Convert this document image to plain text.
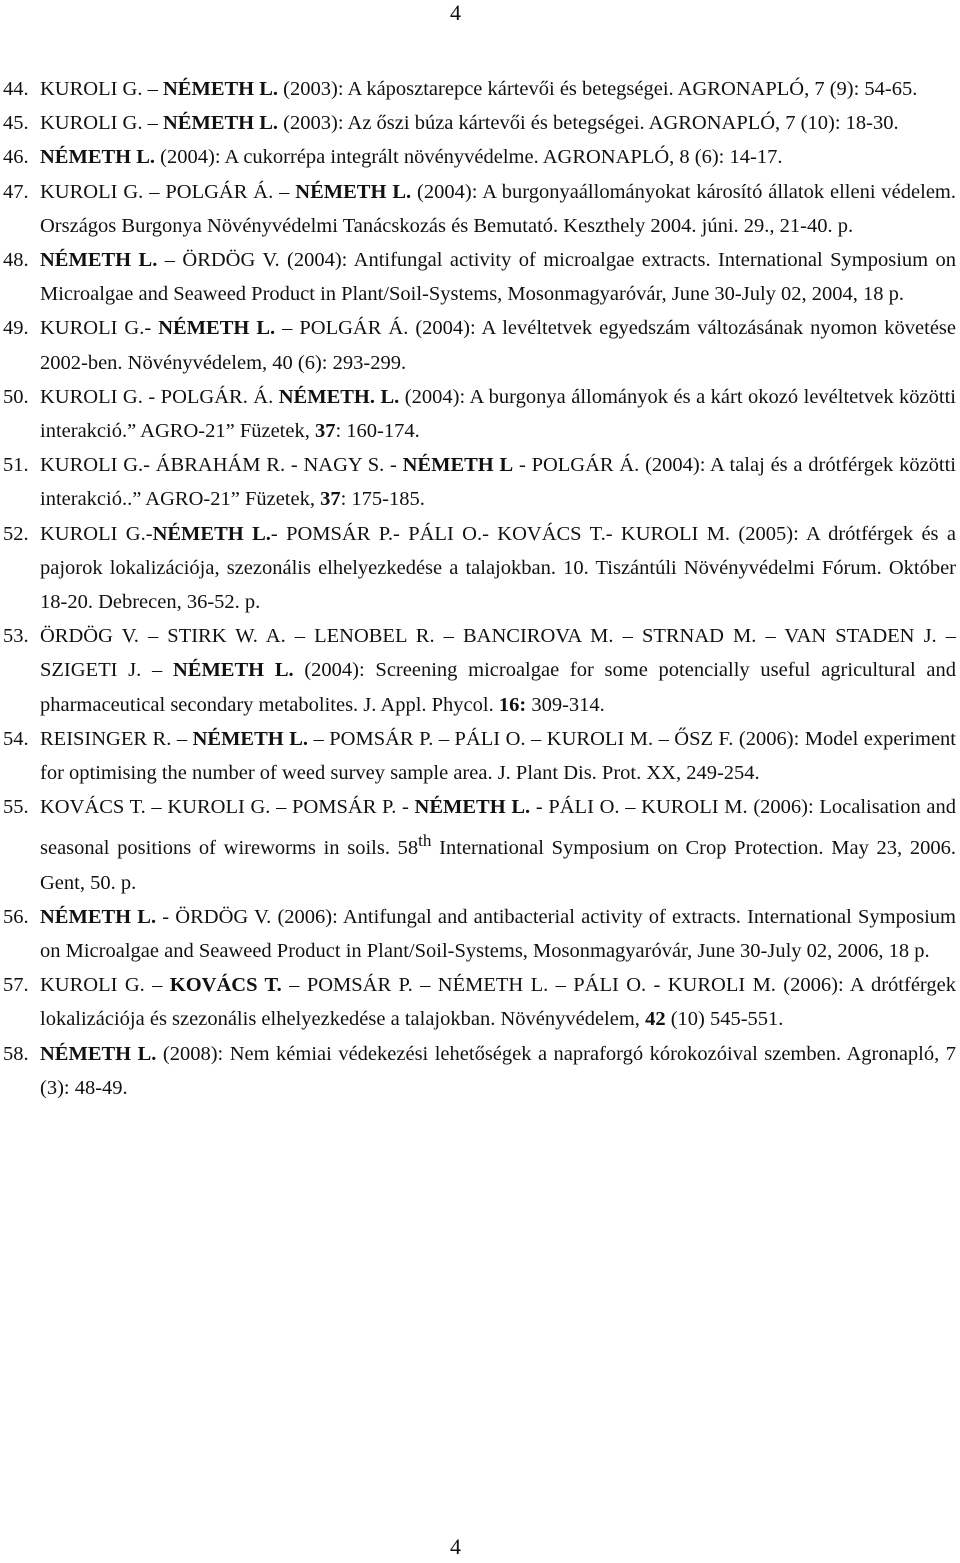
4

44. KUROLI G. – NÉMETH L. (2003): A káposztarepce kártevői és betegségei. AGRONAPLÓ, 7 (9): 54-65.

45. KUROLI G. – NÉMETH L. (2003): Az őszi búza kártevői és betegségei. AGRONAPLÓ, 7 (10): 18-30.

46. NÉMETH L. (2004): A cukorrépa integrált növényvédelme. AGRONAPLÓ, 8 (6): 14-17.

47. KUROLI G. – POLGÁR Á. – NÉMETH L. (2004): A burgonyaállományokat károsító állatok elleni védelem. Országos Burgonya Növényvédelmi Tanácskozás és Bemutató. Keszthely 2004. júni. 29., 21-40. p.

48. NÉMETH L. – ÖRDÖG V. (2004): Antifungal activity of microalgae extracts. International Symposium on Microalgae and Seaweed Product in Plant/Soil-Systems, Mosonmagyaróvár, June 30-July 02, 2004, 18 p.

49. KUROLI G.- NÉMETH L. – POLGÁR Á. (2004): A levéltetvek egyedszám változásának nyomon követése 2002-ben. Növényvédelem, 40 (6): 293-299.

50. KUROLI G. - POLGÁR. Á. NÉMETH. L. (2004): A burgonya állományok és a kárt okozó levéltetvek közötti interakció.” AGRO-21” Füzetek, 37: 160-174.

51. KUROLI G.- ÁBRAHÁM R. - NAGY S. - NÉMETH L - POLGÁR Á. (2004): A talaj és a drótférgek közötti interakció..” AGRO-21” Füzetek, 37: 175-185.

52. KUROLI G.-NÉMETH L.- POMSÁR P.- PÁLI O.- KOVÁCS T.- KUROLI M. (2005): A drótférgek és a pajorok lokalizációja, szezonális elhelyezkedése a talajokban. 10. Tiszántúli Növényvédelmi Fórum. Október 18-20. Debrecen, 36-52. p.

53. ÖRDÖG V. – STIRK W. A. – LENOBEL R. – BANCIROVA M. – STRNAD M. – VAN STADEN J. – SZIGETI J. – NÉMETH L. (2004): Screening microalgae for some potencially useful agricultural and pharmaceutical secondary metabolites. J. Appl. Phycol. 16: 309-314.

54. REISINGER R. – NÉMETH L. – POMSÁR P. – PÁLI O. – KUROLI M. – ŐSZ F. (2006): Model experiment for optimising the number of weed survey sample area. J. Plant Dis. Prot. XX, 249-254.

55. KOVÁCS T. – KUROLI G. – POMSÁR P. - NÉMETH L. - PÁLI O. – KUROLI M. (2006): Localisation and seasonal positions of wireworms in soils. 58th International Symposium on Crop Protection. May 23, 2006. Gent, 50. p.

56. NÉMETH L. - ÖRDÖG V. (2006): Antifungal and antibacterial activity of extracts. International Symposium on Microalgae and Seaweed Product in Plant/Soil-Systems, Mosonmagyaróvár, June 30-July 02, 2006, 18 p.

57. KUROLI G. – KOVÁCS T. – POMSÁR P. – NÉMETH L. – PÁLI O. - KUROLI M. (2006): A drótférgek lokalizációja és szezonális elhelyezkedése a talajokban. Növényvédelem, 42 (10) 545-551.

58. NÉMETH L. (2008): Nem kémiai védekezési lehetőségek a napraforgó kórokozóival szemben. Agronapló, 7 (3): 48-49.

4
